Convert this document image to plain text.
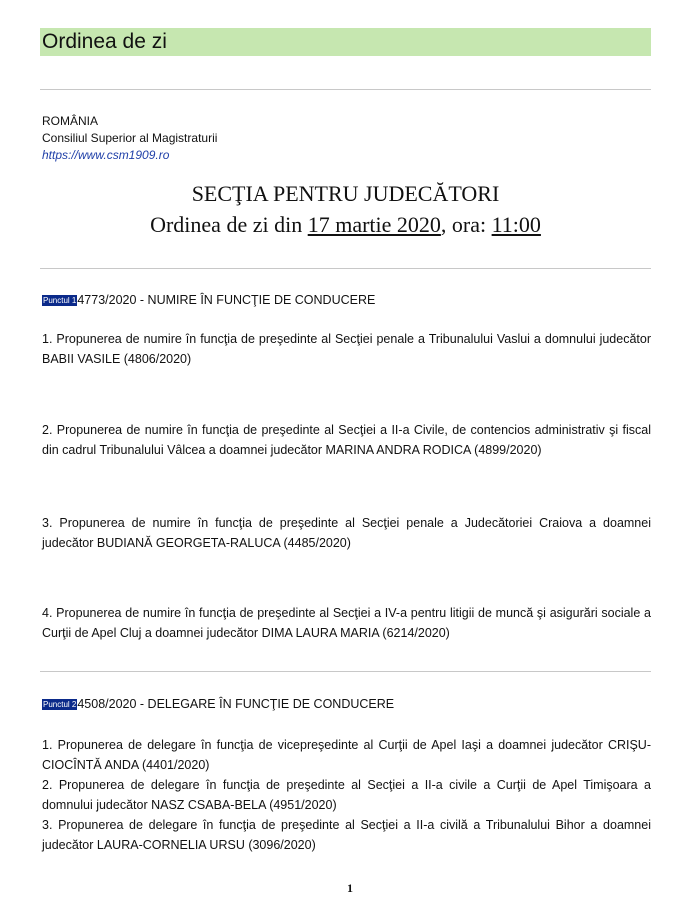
Ordinea de zi
ROMÂNIA
Consiliul Superior al Magistraturii
https://www.csm1909.ro
SECŢIA PENTRU JUDECĂTORI
Ordinea de zi din 17 martie 2020, ora: 11:00
Punctul 14773/2020 - NUMIRE ÎN FUNCŢIE DE CONDUCERE
1. Propunerea de numire în funcţia de preşedinte al Secţiei penale a Tribunalului Vaslui a domnului judecător BABII VASILE (4806/2020)
2. Propunerea de numire în funcţia de preşedinte al Secţiei a II-a Civile, de contencios administrativ şi fiscal din cadrul Tribunalului Vâlcea a doamnei judecător MARINA ANDRA RODICA (4899/2020)
3. Propunerea de numire în funcţia de preşedinte al Secţiei penale a Judecătoriei Craiova a doamnei judecător BUDIANĂ GEORGETA-RALUCA (4485/2020)
4. Propunerea de numire în funcţia de preşedinte al Secţiei a IV-a pentru litigii de muncă şi asigurări sociale a Curţii de Apel Cluj a doamnei judecător DIMA LAURA MARIA (6214/2020)
Punctul 24508/2020 - DELEGARE ÎN FUNCŢIE DE CONDUCERE
1. Propunerea de delegare în funcţia de vicepreşedinte al Curţii de Apel Iaşi a doamnei judecător CRIŞU-CIOCÎNTĂ ANDA (4401/2020)
2. Propunerea de delegare în funcţia de preşedinte al Secţiei a II-a civile a Curţii de Apel Timişoara a domnului judecător NASZ CSABA-BELA (4951/2020)
3. Propunerea de delegare în funcţia de preşedinte al Secţiei a II-a civilă a Tribunalului Bihor a doamnei judecător LAURA-CORNELIA URSU (3096/2020)
1
